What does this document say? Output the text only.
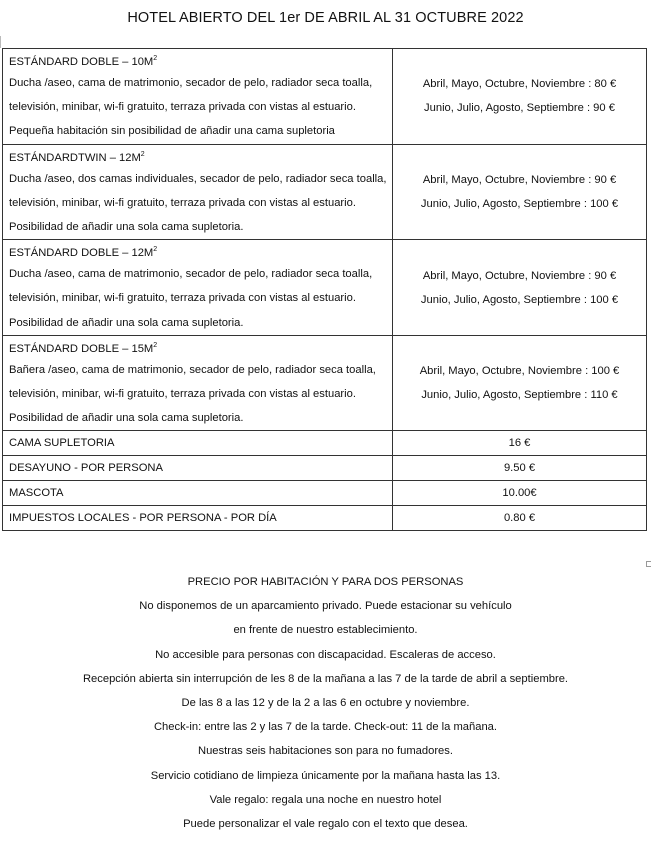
HOTEL ABIERTO DEL 1er DE ABRIL AL 31 OCTUBRE 2022
ESTÁNDARD DOBLE – $10M^2$
Ducha /aseo, cama de matrimonio, secador de pelo, radiador seca toalla, televisión, minibar, wi-fi gratuito, terraza privada con vistas al estuario. Pequeña habitación sin posibilidad de añadir una cama supletoria	Abril, Mayo, Octubre, Noviembre : 80 €
Junio, Julio, Agosto, Septiembre : 90 €

ESTÁNDARDTWIN – $12M^2$
Ducha /aseo, dos camas individuales, secador de pelo, radiador seca toalla, televisión, minibar, wi-fi gratuito, terraza privada con vistas al estuario. Posibilidad de añadir una sola cama supletoria.	Abril, Mayo, Octubre, Noviembre : 90 €
Junio, Julio, Agosto, Septiembre : 100 €

ESTÁNDARD DOBLE – $12M^2$
Ducha /aseo, cama de matrimonio, secador de pelo, radiador seca toalla, televisión, minibar, wi-fi gratuito, terraza privada con vistas al estuario. Posibilidad de añadir una sola cama supletoria.	Abril, Mayo, Octubre, Noviembre : 90 €
Junio, Julio, Agosto, Septiembre : 100 €

ESTÁNDARD DOBLE – $15M^2$
Bañera /aseo, cama de matrimonio, secador de pelo, radiador seca toalla, televisión, minibar, wi-fi gratuito, terraza privada con vistas al estuario. Posibilidad de añadir una sola cama supletoria.	Abril, Mayo, Octubre, Noviembre : 100 €
Junio, Julio, Agosto, Septiembre : 110 €

CAMA SUPLETORIA	16 €
DESAYUNO - POR PERSONA	9.50 €
MASCOTA	10.00€
IMPUESTOS LOCALES - POR PERSONA - POR DÍA	0.80 €
PRECIO POR HABITACIÓN Y PARA DOS PERSONAS
No disponemos de un aparcamiento privado. Puede estacionar su vehículo
en frente de nuestro establecimiento.
No accesible para personas con discapacidad. Escaleras de acceso.
Recepción abierta sin interrupción de les 8 de la mañana a las 7 de la tarde de abril a septiembre.
De las 8 a las 12 y de la 2 a las 6 en octubre y noviembre.
Check-in: entre las 2 y las 7 de la tarde. Check-out: 11 de la mañana.
Nuestras seis habitaciones son para no fumadores.
Servicio cotidiano de limpieza únicamente por la mañana hasta las 13.
Vale regalo: regala una noche en nuestro hotel
Puede personalizar el vale regalo con el texto que desea.
